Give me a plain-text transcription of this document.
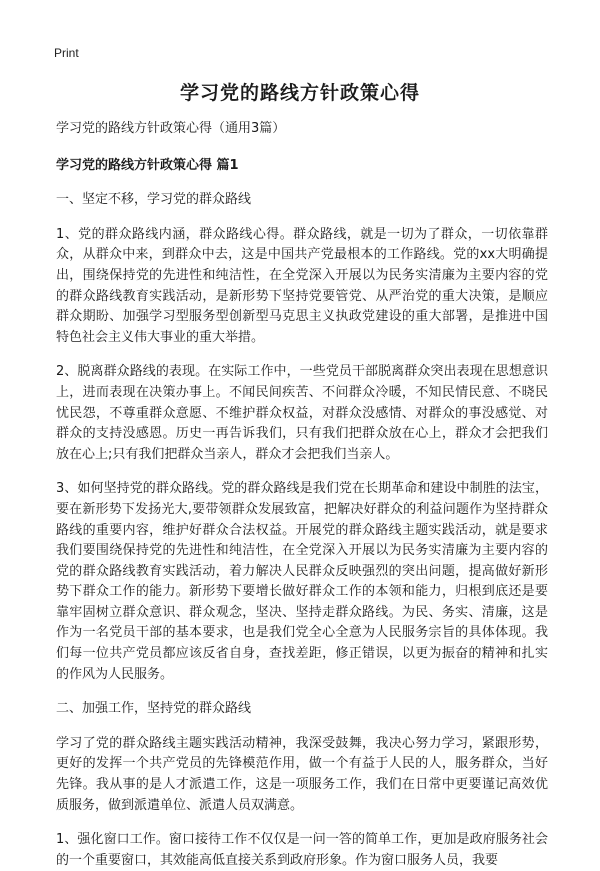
Print
学习党的路线方针政策心得

学习党的路线方针政策心得（通用3篇）

学习党的路线方针政策心得 篇1

一、坚定不移，学习党的群众路线

1、党的群众路线内涵，群众路线心得。群众路线，就是一切为了群众，一切依靠群众，从群众中来，到群众中去，这是中国共产党最根本的工作路线。党的xx大明确提出，围绕保持党的先进性和纯洁性，在全党深入开展以为民务实清廉为主要内容的党的群众路线教育实践活动，是新形势下坚持党要管党、从严治党的重大决策，是顺应群众期盼、加强学习型服务型创新型马克思主义执政党建设的重大部署，是推进中国特色社会主义伟大事业的重大举措。

2、脱离群众路线的表现。在实际工作中，一些党员干部脱离群众突出表现在思想意识上，进而表现在决策办事上。不闻民间疾苦、不问群众冷暖，不知民情民意、不晓民忧民怨，不尊重群众意愿、不维护群众权益，对群众没感情、对群众的事没感觉、对群众的支持没感恩。历史一再告诉我们，只有我们把群众放在心上，群众才会把我们放在心上;只有我们把群众当亲人，群众才会把我们当亲人。

3、如何坚持党的群众路线。党的群众路线是我们党在长期革命和建设中制胜的法宝，要在新形势下发扬光大,要带领群众发展致富，把解决好群众的利益问题作为坚持群众路线的重要内容，维护好群众合法权益。开展党的群众路线主题实践活动，就是要求我们要围绕保持党的先进性和纯洁性，在全党深入开展以为民务实清廉为主要内容的党的群众路线教育实践活动，着力解决人民群众反映强烈的突出问题，提高做好新形势下群众工作的能力。新形势下要增长做好群众工作的本领和能力，归根到底还是要靠牢固树立群众意识、群众观念，坚决、坚持走群众路线。为民、务实、清廉，这是作为一名党员干部的基本要求，也是我们党全心全意为人民服务宗旨的具体体现。我们每一位共产党员都应该反省自身，查找差距，修正错误，以更为振奋的精神和扎实的作风为人民服务。

二、加强工作，坚持党的群众路线

学习了党的群众路线主题实践活动精神，我深受鼓舞，我决心努力学习，紧跟形势，更好的发挥一个共产党员的先锋模范作用，做一个有益于人民的人，服务群众，当好先锋。我从事的是人才派遣工作，这是一项服务工作，我们在日常中更要谨记高效优质服务，做到派遣单位、派遣人员双满意。

1、强化窗口工作。窗口接待工作不仅仅是一问一答的简单工作，更加是政府服务社会的一个重要窗口，其效能高低直接关系到政府形象。作为窗口服务人员，我要
